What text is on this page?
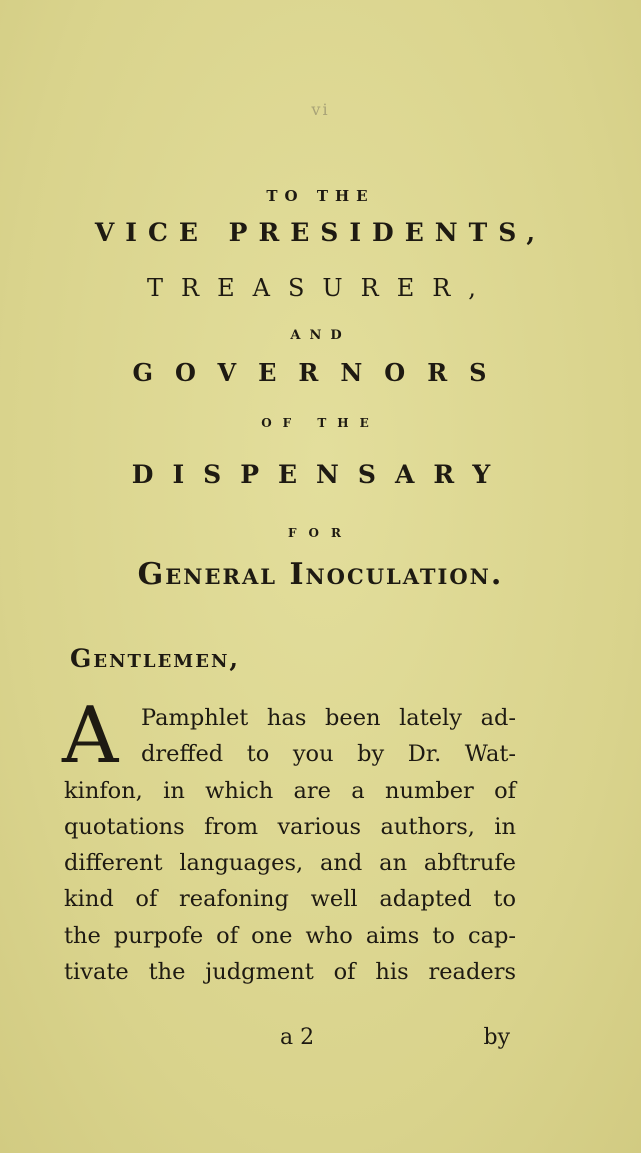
vi
TO THE
VICE PRESIDENTS,
TREASURER,
AND
GOVERNORS
OF THE
DISPENSARY
FOR
General Inoculation.
Gentlemen,
A	Pamphlet has been lately ad-
dreffed to you by Dr. Wat-
kinfon, in which are a number of
quotations from various authors, in
different languages, and an abftrufe
kind of reafoning well adapted to
the purpofe of one who aims to cap-
tivate the judgment of his readers
a 2	by
